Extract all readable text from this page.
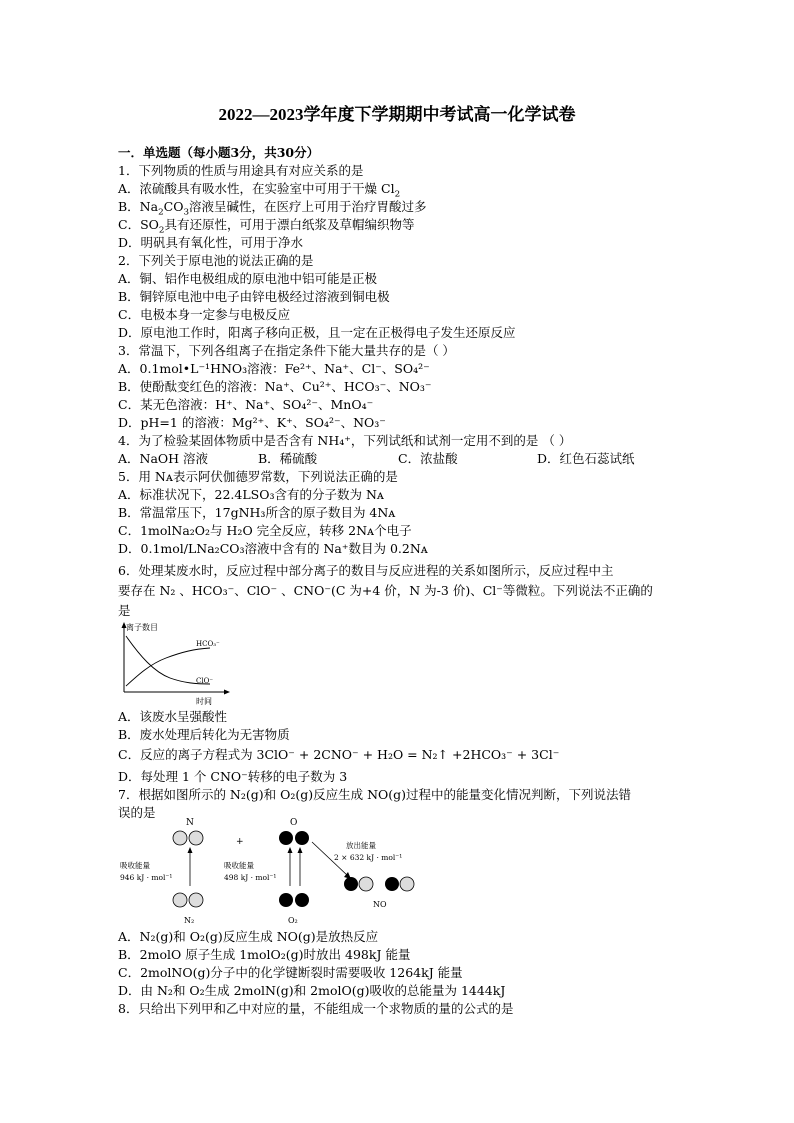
2022—2023学年度下学期期中考试高一化学试卷
一．单选题（每小题3分，共30分）
1．下列物质的性质与用途具有对应关系的是
A．浓硫酸具有吸水性，在实验室中可用于干燥 $Cl_2$
B．$Na_2CO_3$溶液呈碱性，在医疗上可用于治疗胃酸过多
C．$SO_2$具有还原性，可用于漂白纸浆及草帽编织物等
D．明矾具有氧化性，可用于净水
2．下列关于原电池的说法正确的是
A．铜、铝作电极组成的原电池中铝可能是正极
B．铜锌原电池中电子由锌电极经过溶液到铜电极
C．电极本身一定参与电极反应
D．原电池工作时，阳离子移向正极，且一定在正极得电子发生还原反应
3．常温下，下列各组离子在指定条件下能大量共存的是（ ）
A．0.1mol•L⁻¹HNO₃溶液：Fe²⁺、Na⁺、Cl⁻、SO₄²⁻
B．使酚酞变红色的溶液：Na⁺、Cu²⁺、HCO₃⁻、NO₃⁻
C．某无色溶液：H⁺、Na⁺、SO₄²⁻、MnO₄⁻
D．pH=1 的溶液：Mg²⁺、K⁺、SO₄²⁻、NO₃⁻
4．为了检验某固体物质中是否含有 NH₄⁺，下列试纸和试剂一定用不到的是 （ ）
A．NaOH 溶液	B．稀硫酸	C．浓盐酸	D．红色石蕊试纸
5．用 Nᴀ表示阿伏伽德罗常数，下列说法正确的是
A．标准状况下，22.4LSO₃含有的分子数为 Nᴀ
B．常温常压下，17gNH₃所含的原子数目为 4Nᴀ
C．1molNa₂O₂与 H₂O 完全反应，转移 2Nᴀ个电子
D．0.1mol/LNa₂CO₃溶液中含有的 Na⁺数目为 0.2Nᴀ
6．处理某废水时，反应过程中部分离子的数目与反应进程的关系如图所示，反应过程中主
要存在 N₂ 、HCO₃⁻、ClO⁻ 、CNO⁻(C 为+4 价，N 为-3 价)、Cl⁻等微粒。下列说法不正确的
是
离子数目
时间
HCO₃⁻
ClO⁻
A．该废水呈强酸性
B．废水处理后转化为无害物质
C．反应的离子方程式为 3ClO⁻ + 2CNO⁻ + H₂O = N₂↑ +2HCO₃⁻ + 3Cl⁻
D．每处理 1 个 CNO⁻转移的电子数为 3
7．根据如图所示的 N₂(g)和 O₂(g)反应生成 NO(g)过程中的能量变化情况判断，下列说法错
误的是
N
+
O
吸收能量
946 kJ · mol⁻¹
吸收能量
498 kJ · mol⁻¹
放出能量
2 × 632 kJ · mol⁻¹
N₂	O₂
NO
A．N₂(g)和 O₂(g)反应生成 NO(g)是放热反应
B．2molO 原子生成 1molO₂(g)时放出 498kJ 能量
C．2molNO(g)分子中的化学键断裂时需要吸收 1264kJ 能量
D．由 N₂和 O₂生成 2molN(g)和 2molO(g)吸收的总能量为 1444kJ
8．只给出下列甲和乙中对应的量，不能组成一个求物质的量的公式的是
